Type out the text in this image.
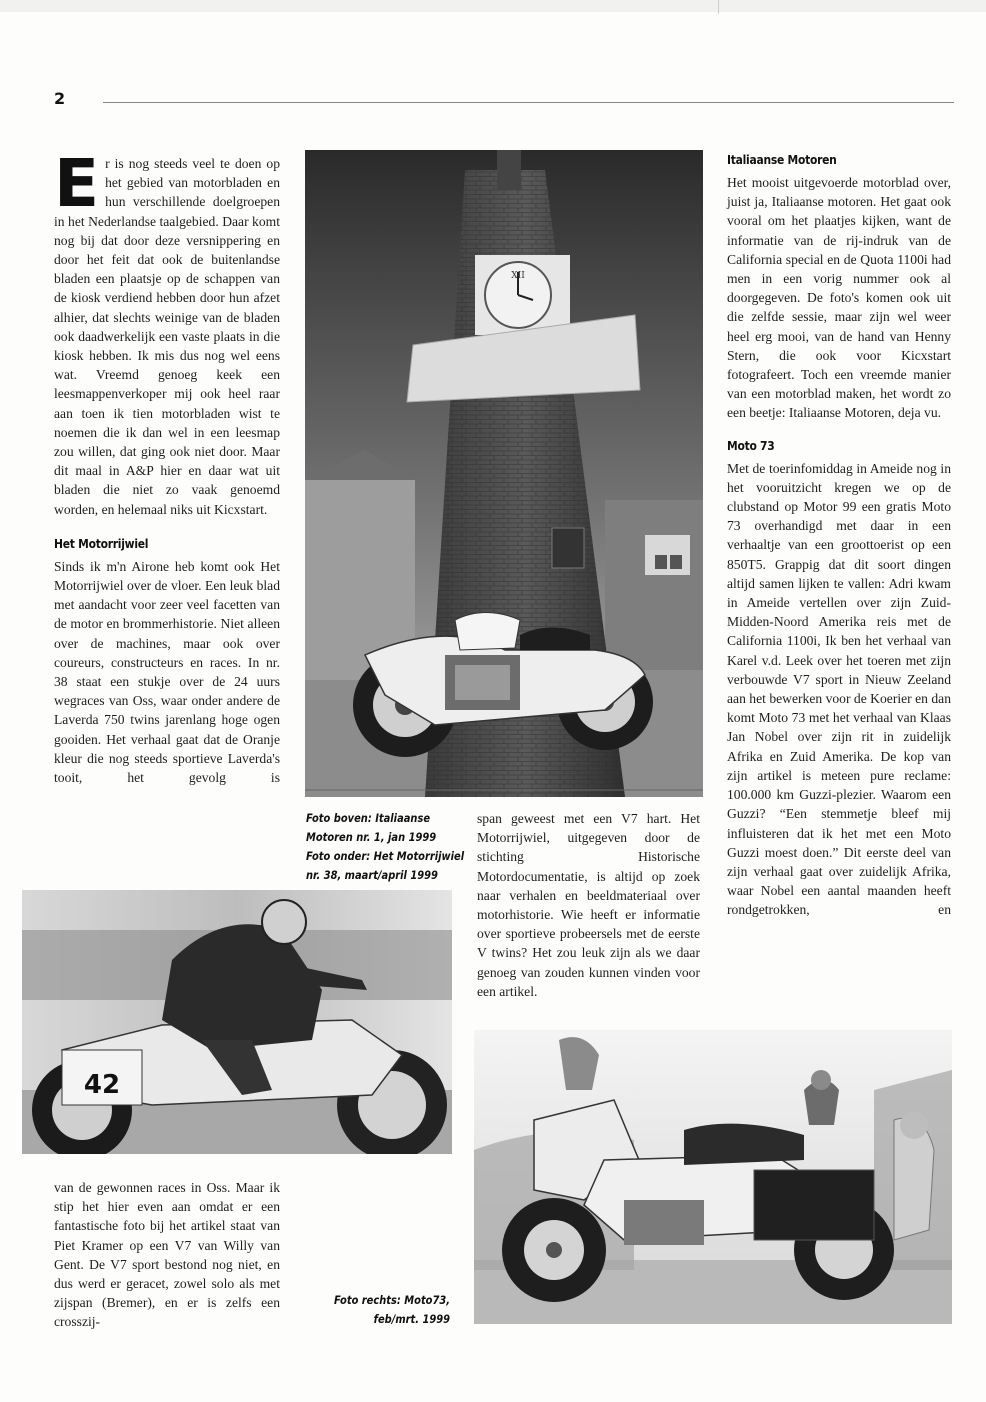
2

Er is nog steeds veel te doen op het gebied van motorbladen en hun verschillende doelgroepen in het Nederlandse taalgebied. Daar komt nog bij dat door deze versnippering en door het feit dat ook de buitenlandse bladen een plaatsje op de schappen van de kiosk verdiend hebben door hun afzet alhier, dat slechts weinige van de bladen ook daadwerkelijk een vaste plaats in die kiosk hebben. Ik mis dus nog wel eens wat. Vreemd genoeg keek een leesmappenverkoper mij ook heel raar aan toen ik tien motorbladen wist te noemen die ik dan wel in een leesmap zou willen, dat ging ook niet door. Maar dit maal in A&P hier en daar wat uit bladen die niet zo vaak genoemd worden, en helemaal niks uit Kicxstart.

Het Motorrijwiel

Sinds ik m'n Airone heb komt ook Het Motorrijwiel over de vloer. Een leuk blad met aandacht voor zeer veel facetten van de motor en brommerhistorie. Niet alleen over de machines, maar ook over coureurs, constructeurs en races. In nr. 38 staat een stukje over de 24 uurs wegraces van Oss, waar onder andere de Laverda 750 twins jarenlang hoge ogen gooiden. Het verhaal gaat dat de Oranje kleur die nog steeds sportieve Laverda's tooit, het gevolg is

van de gewonnen races in Oss. Maar ik stip het hier even aan omdat er een fantastische foto bij het artikel staat van Piet Kramer op een V7 van Willy van Gent. De V7 sport bestond nog niet, en dus werd er geracet, zowel solo als met zijspan (Bremer), en er is zelfs een crosszij-

span geweest met een V7 hart. Het Motorrijwiel, uitgegeven door de stichting Historische Motordocumentatie, is altijd op zoek naar verhalen en beeldmateriaal over motorhistorie. Wie heeft er informatie over sportieve probeersels met de eerste V twins? Het zou leuk zijn als we daar genoeg van zouden kunnen vinden voor een artikel.

Italiaanse Motoren

Het mooist uitgevoerde motorblad over, juist ja, Italiaanse motoren. Het gaat ook vooral om het plaatjes kijken, want de informatie van de rij-indruk van de California special en de Quota 1100i had men in een vorig nummer ook al doorgegeven. De foto's komen ook uit die zelfde sessie, maar zijn wel weer heel erg mooi, van de hand van Henny Stern, die ook voor Kicxstart fotografeert. Toch een vreemde manier van een motorblad maken, het wordt zo een beetje: Italiaanse Motoren, deja vu.

Moto 73

Met de toerinfomiddag in Ameide nog in het vooruitzicht kregen we op de clubstand op Motor 99 een gratis Moto 73 overhandigd met daar in een verhaaltje van een groottoerist op een 850T5. Grappig dat dit soort dingen altijd samen lijken te vallen: Adri kwam in Ameide vertellen over zijn Zuid-Midden-Noord Amerika reis met de California 1100i, Ik ben het verhaal van Karel v.d. Leek over het toeren met zijn verbouwde V7 sport in Nieuw Zeeland aan het bewerken voor de Koerier en dan komt Moto 73 met het verhaal van Klaas Jan Nobel over zijn rit in zuidelijk Afrika en Zuid Amerika. De kop van zijn artikel is meteen pure reclame: 100.000 km Guzzi-plezier. Waarom een Guzzi? “Een stemmetje bleef mij influisteren dat ik het met een Moto Guzzi moest doen.” Dit eerste deel van zijn verhaal gaat over zuidelijk Afrika, waar Nobel een aantal maanden heeft rondgetrokken, en

Foto boven: Italiaanse
Motoren nr. 1, jan 1999
Foto onder: Het Motorrijwiel
nr. 38, maart/april 1999
Foto rechts: Moto73,
feb/mrt. 1999
XII
42
